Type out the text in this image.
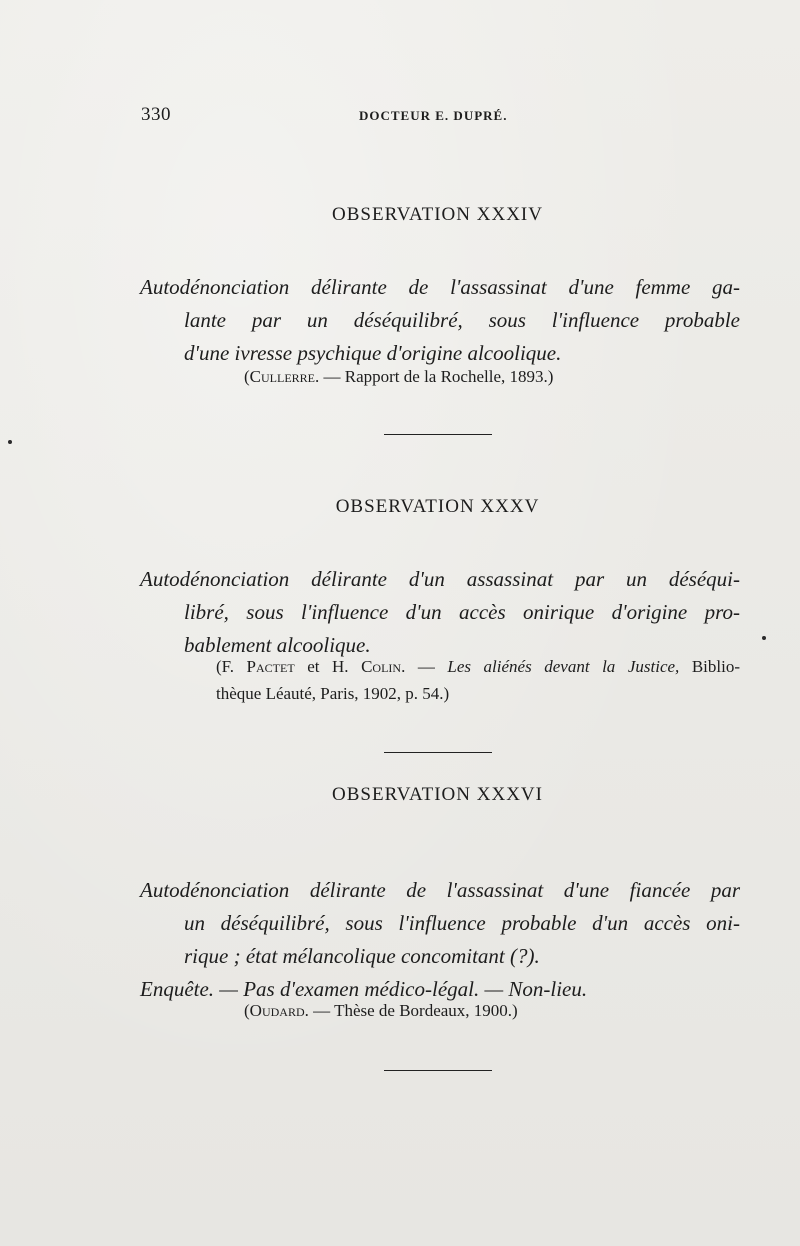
330	DOCTEUR E. DUPRÉ.
OBSERVATION XXXIV
Autodénonciation délirante de l'assassinat d'une femme ga-
lante par un déséquilibré, sous l'influence probable
d'une ivresse psychique d'origine alcoolique.
(Cullerre. — Rapport de la Rochelle, 1893.)
OBSERVATION XXXV
Autodénonciation délirante d'un assassinat par un déséqui-
libré, sous l'influence d'un accès onirique d'origine pro-
bablement alcoolique.
(F. Pactet et H. Colin. — Les aliénés devant la Justice, Biblio-
thèque Léauté, Paris, 1902, p. 54.)
OBSERVATION XXXVI
Autodénonciation délirante de l'assassinat d'une fiancée par
un déséquilibré, sous l'influence probable d'un accès oni-
rique ; état mélancolique concomitant (?).
Enquête. — Pas d'examen médico-légal. — Non-lieu.
(Oudard. — Thèse de Bordeaux, 1900.)
